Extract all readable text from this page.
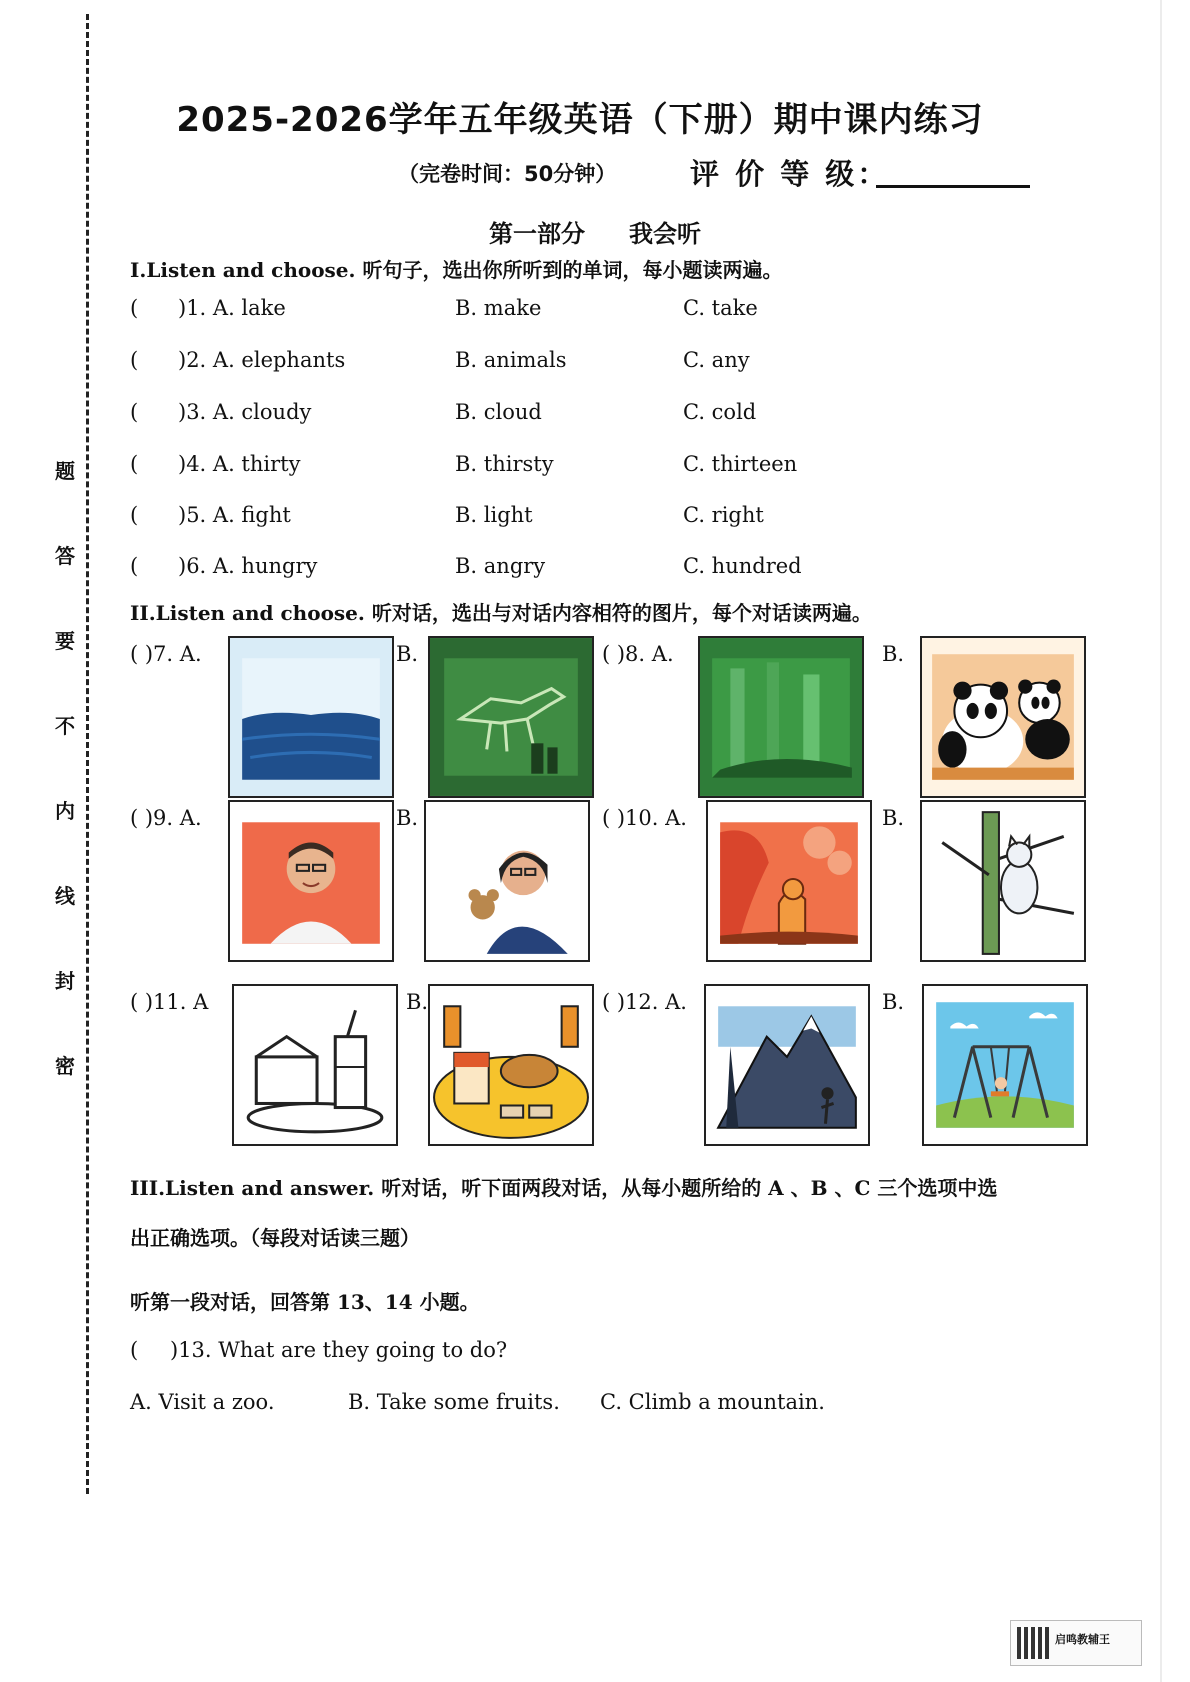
题
答
要
不
内
线
封
密
2025-2026学年五年级英语（下册）期中课内练习
（完卷时间：50分钟）	评 价 等 级：
第一部分 我会听
I.Listen and choose. 听句子，选出你所听到的单词，每小题读两遍。
( )1. A. lake	B. make	C. take
( )2. A. elephants	B. animals	C. any
( )3. A. cloudy	B. cloud	C. cold
( )4. A. thirty	B. thirsty	C. thirteen
( )5. A. fight	B. light	C. right
( )6. A. hungry	B. angry	C. hundred
II.Listen and choose. 听对话，选出与对话内容相符的图片，每个对话读两遍。
( )7. A.	B.	( )8. A.	B.
( )9. A.	B.	( )10. A.	B.
( )11. A	B.	( )12. A.	B.
III.Listen and answer. 听对话，听下面两段对话，从每小题所给的 A 、B 、C 三个选项中选
出正确选项。（每段对话读三题）
听第一段对话，回答第 13、14 小题。
( )13. What are they going to do?
A. Visit a zoo.	B. Take some fruits. C. Climb a mountain.
启鸣教辅王
